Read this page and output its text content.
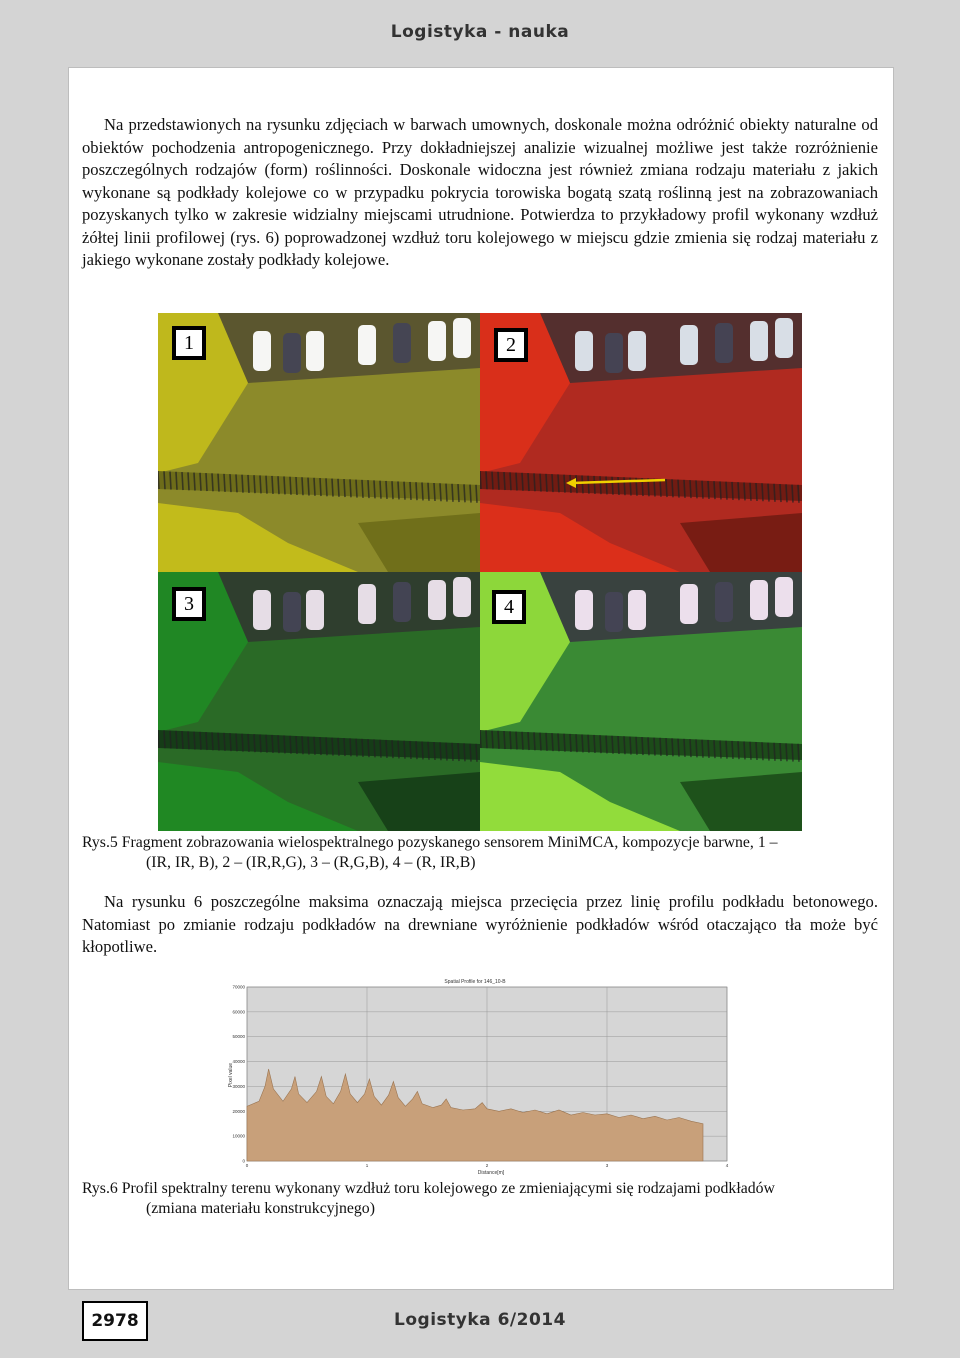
Logistyka - nauka

Na przedstawionych na rysunku zdjęciach w barwach umownych, doskonale można odróżnić obiekty naturalne od obiektów pochodzenia antropogenicznego. Przy dokładniejszej analizie wizualnej możliwe jest także rozróżnienie poszczególnych rodzajów (form) roślinności. Doskonale widoczna jest również zmiana rodzaju materiału z jakich wykonane są podkłady kolejowe co w przypadku pokrycia torowiska bogatą szatą roślinną jest na zobrazowaniach pozyskanych tylko w zakresie widzialny miejscami utrudnione. Potwierdza to przykładowy profil wykonany wzdłuż żółtej linii profilowej (rys. 6) poprowadzonej wzdłuż toru kolejowego w miejscu gdzie zmienia się rodzaj materiału z jakiego wykonane zostały podkłady kolejowe.

1	2
3	4
Rys.5 Fragment zobrazowania wielospektralnego pozyskanego sensorem MiniMCA, kompozycje barwne, 1 –
(IR, IR, B), 2 – (IR,R,G), 3 – (R,G,B), 4 – (R, IR,B)

Na rysunku 6 poszczególne maksima oznaczają miejsca przecięcia przez linię profilu podkładu betonowego. Natomiast po zmianie rodzaju podkładów na drewniane wyróżnienie podkładów wśród otaczająco tła może być kłopotliwe.

Spatial Profile for 146_10-B
Pixel value
Distance[m]
0	1	2	3	4
0
10000
20000
30000
40000
50000
60000
70000
Rys.6 Profil spektralny terenu wykonany wzdłuż toru kolejowego ze zmieniającymi się rodzajami podkładów
(zmiana materiału konstrukcyjnego)
2978	Logistyka 6/2014
